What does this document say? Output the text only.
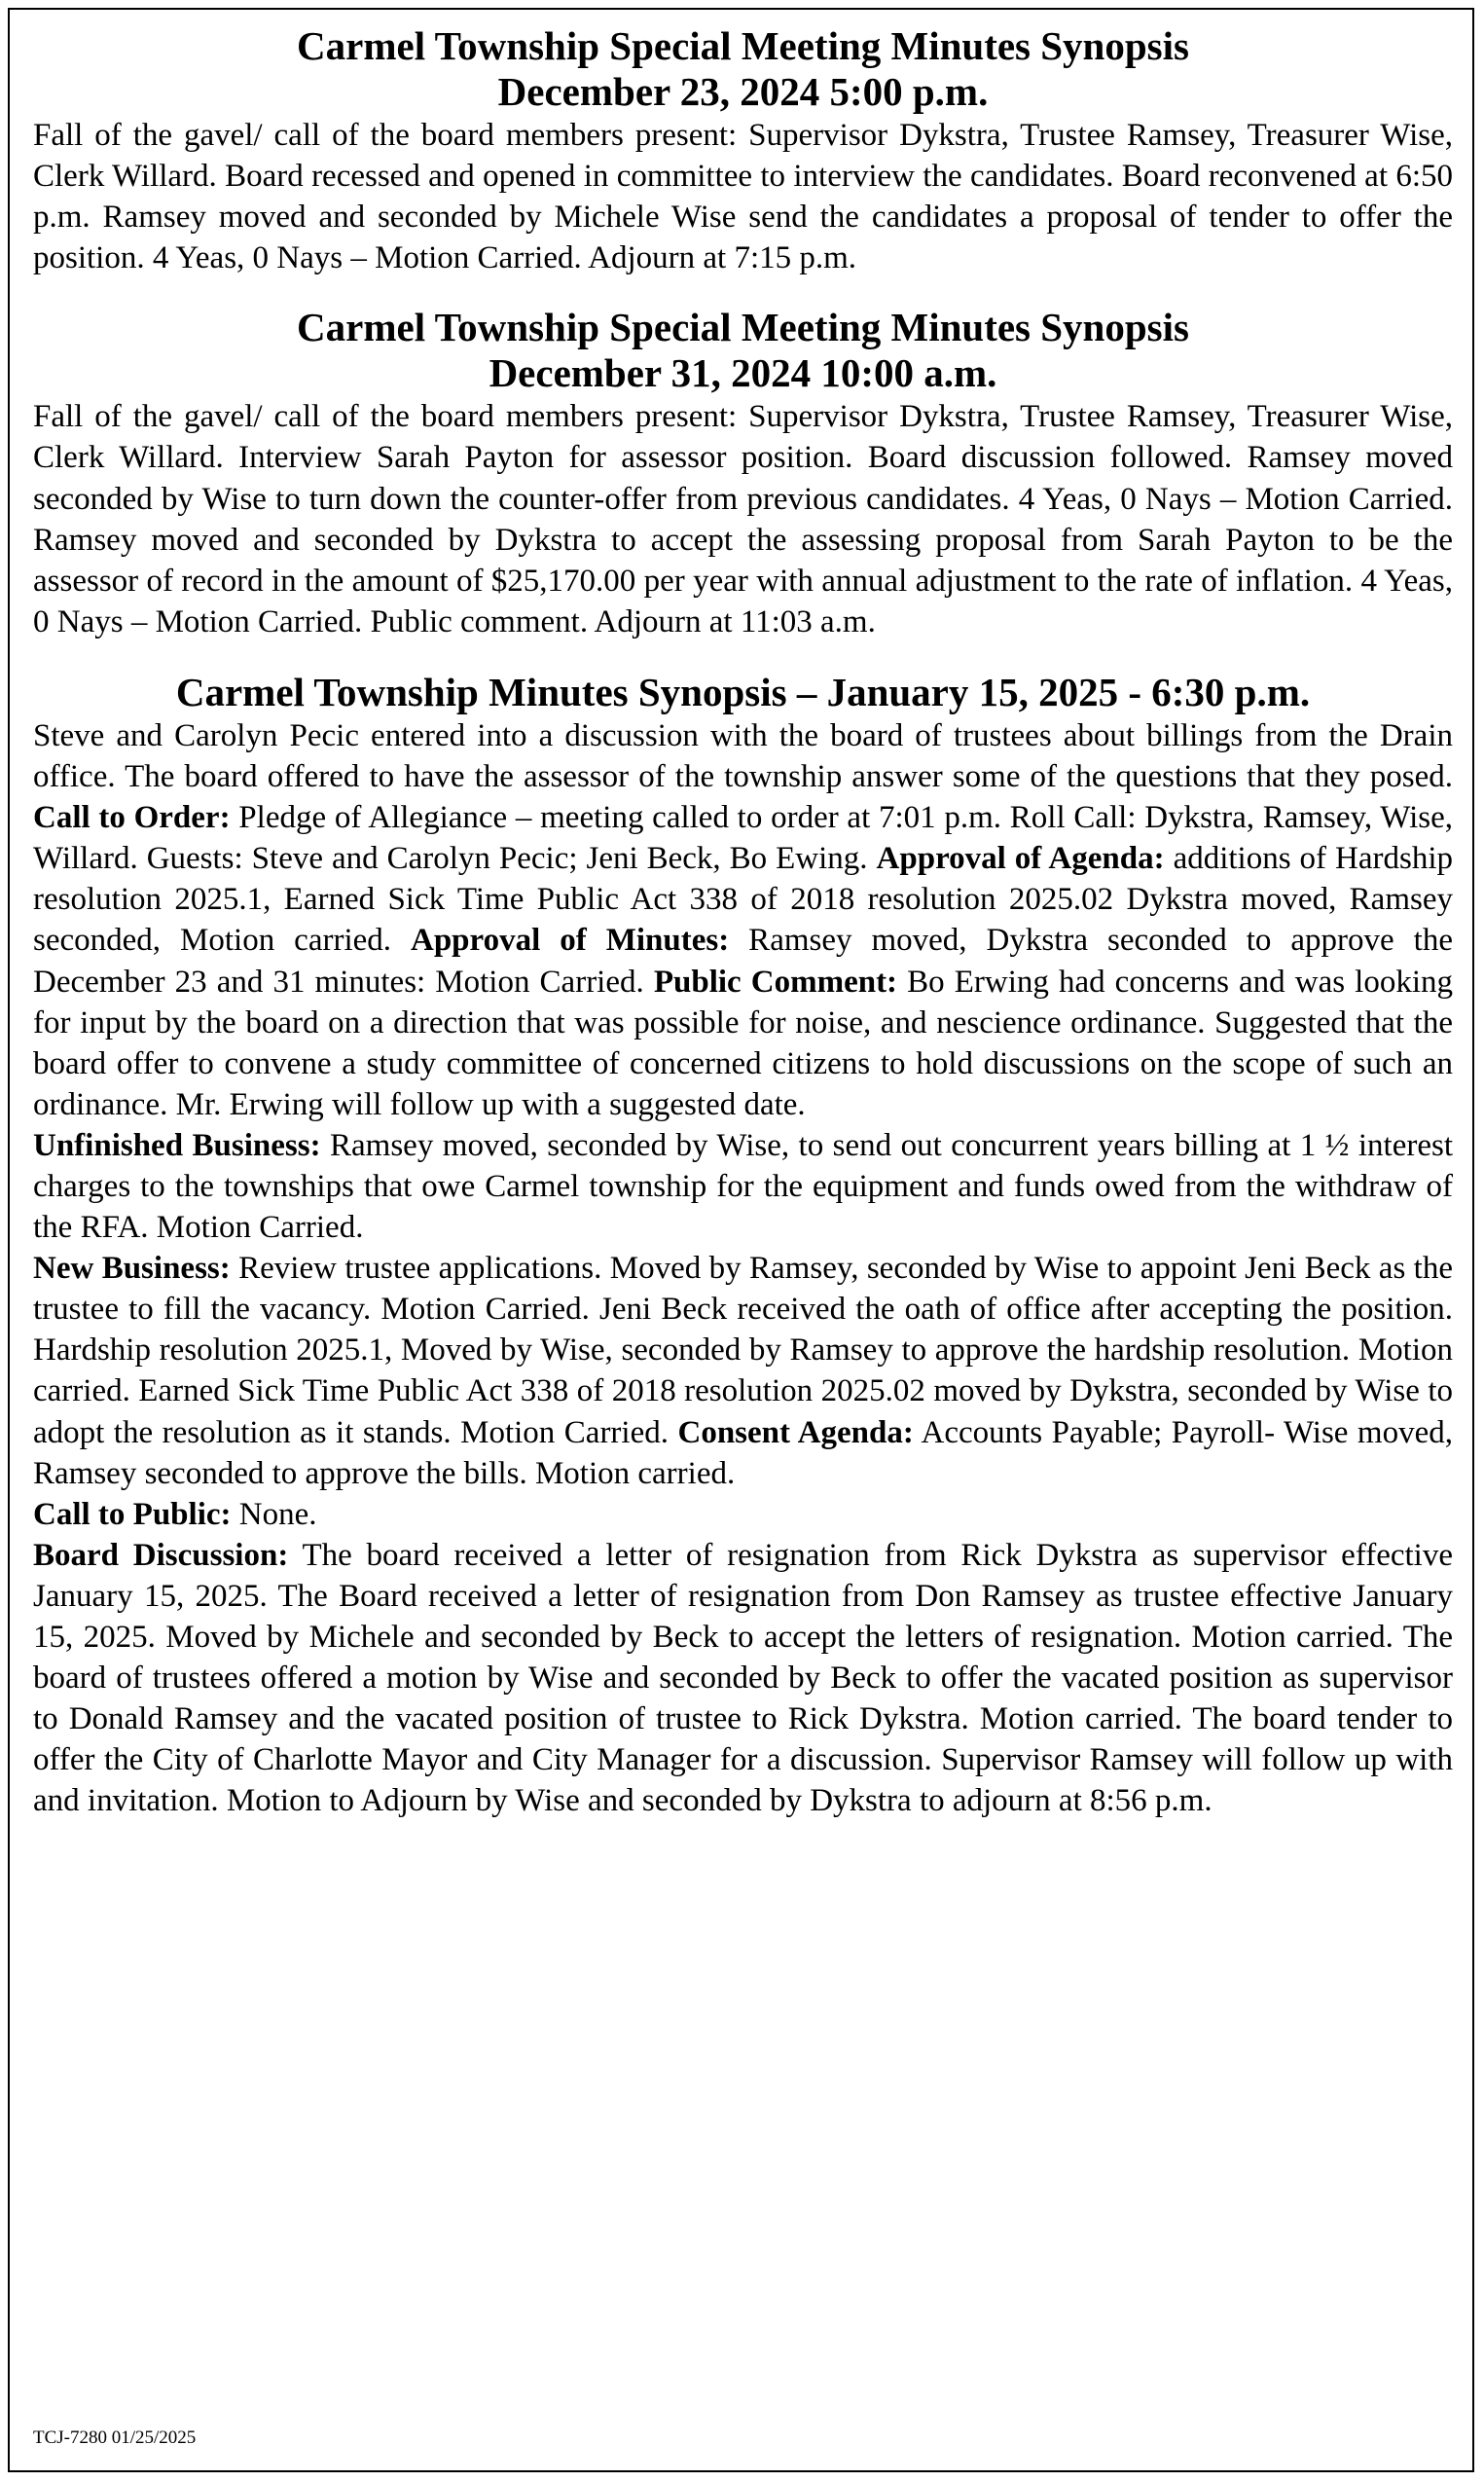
Carmel Township Special Meeting Minutes Synopsis
December 23, 2024 5:00 p.m.

Fall of the gavel/ call of the board members present: Supervisor Dykstra, Trustee Ramsey, Treasurer Wise, Clerk Willard. Board recessed and opened in committee to interview the candidates. Board reconvened at 6:50 p.m. Ramsey moved and seconded by Michele Wise send the candidates a proposal of tender to offer the position. 4 Yeas, 0 Nays – Motion Carried. Adjourn at 7:15 p.m.

Carmel Township Special Meeting Minutes Synopsis
December 31, 2024 10:00 a.m.

Fall of the gavel/ call of the board members present: Supervisor Dykstra, Trustee Ramsey, Treasurer Wise, Clerk Willard. Interview Sarah Payton for assessor position. Board discussion followed. Ramsey moved seconded by Wise to turn down the counter-offer from previous candidates. 4 Yeas, 0 Nays – Motion Carried. Ramsey moved and seconded by Dykstra to accept the assessing proposal from Sarah Payton to be the assessor of record in the amount of $25,170.00 per year with annual adjustment to the rate of inflation. 4 Yeas, 0 Nays – Motion Carried. Public comment. Adjourn at 11:03 a.m.

Carmel Township Minutes Synopsis – January 15, 2025 - 6:30 p.m.

Steve and Carolyn Pecic entered into a discussion with the board of trustees about billings from the Drain office. The board offered to have the assessor of the township answer some of the questions that they posed. Call to Order: Pledge of Allegiance – meeting called to order at 7:01 p.m. Roll Call: Dykstra, Ramsey, Wise, Willard. Guests: Steve and Carolyn Pecic; Jeni Beck, Bo Ewing. Approval of Agenda: additions of Hardship resolution 2025.1, Earned Sick Time Public Act 338 of 2018 resolution 2025.02 Dykstra moved, Ramsey seconded, Motion carried. Approval of Minutes: Ramsey moved, Dykstra seconded to approve the December 23 and 31 minutes: Motion Carried. Public Comment: Bo Erwing had concerns and was looking for input by the board on a direction that was possible for noise, and nescience ordinance. Suggested that the board offer to convene a study committee of concerned citizens to hold discussions on the scope of such an ordinance. Mr. Erwing will follow up with a suggested date.

Unfinished Business: Ramsey moved, seconded by Wise, to send out concurrent years billing at 1 ½ interest charges to the townships that owe Carmel township for the equipment and funds owed from the withdraw of the RFA. Motion Carried.

New Business: Review trustee applications. Moved by Ramsey, seconded by Wise to appoint Jeni Beck as the trustee to fill the vacancy. Motion Carried. Jeni Beck received the oath of office after accepting the position. Hardship resolution 2025.1, Moved by Wise, seconded by Ramsey to approve the hardship resolution. Motion carried. Earned Sick Time Public Act 338 of 2018 resolution 2025.02 moved by Dykstra, seconded by Wise to adopt the resolution as it stands. Motion Carried. Consent Agenda: Accounts Payable; Payroll- Wise moved, Ramsey seconded to approve the bills. Motion carried.

Call to Public: None.

Board Discussion: The board received a letter of resignation from Rick Dykstra as supervisor effective January 15, 2025. The Board received a letter of resignation from Don Ramsey as trustee effective January 15, 2025. Moved by Michele and seconded by Beck to accept the letters of resignation. Motion carried. The board of trustees offered a motion by Wise and seconded by Beck to offer the vacated position as supervisor to Donald Ramsey and the vacated position of trustee to Rick Dykstra. Motion carried. The board tender to offer the City of Charlotte Mayor and City Manager for a discussion. Supervisor Ramsey will follow up with and invitation. Motion to Adjourn by Wise and seconded by Dykstra to adjourn at 8:56 p.m.

TCJ-7280 01/25/2025
